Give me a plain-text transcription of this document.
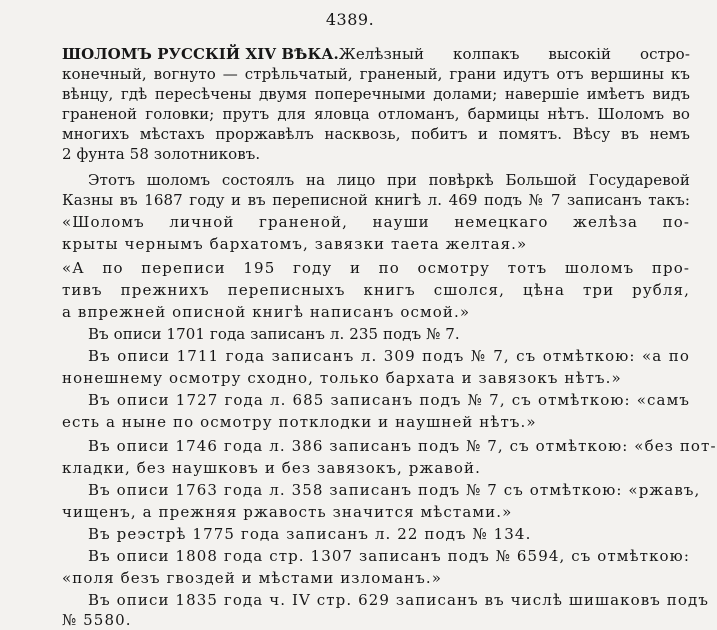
4389.
ШОЛОМЪ РУССКIЙ XIV ВѢКА. Желѣзный колпакъ высокiй остро-
конечный, вогнуто — стрѣльчатый, граненый, грани идутъ отъ вершины къ
вѣнцу, гдѣ пересѣчены двумя поперечными долами; навершiе имѣетъ видъ
граненой головки; прутъ для яловца отломанъ, бармицы нѣтъ. Шоломъ во
многихъ мѣстахъ проржавѣлъ насквозь, побитъ и помятъ. Вѣсу въ немъ
2 фунта 58 золотниковъ.
Этотъ шоломъ состоялъ на лицо при повѣркѣ Большой Государевой
Казны въ 1687 году и въ переписной книгѣ л. 469 подъ № 7 записанъ такъ:
«Шоломъ личной граненой, науши немецкаго желѣза по-
крыты чернымъ бархатомъ, завязки таета желтая.»
«А по переписи 195 году и по осмотру тотъ шоломъ про-
тивъ прежнихъ переписныхъ книгъ сшолся, цѣна три рубля,
а впрежней описной книгѣ написанъ осмой.»
Въ описи 1701 года записанъ л. 235 подъ № 7.
Въ описи 1711 года записанъ л. 309 подъ № 7, съ отмѣткою: «а по
нонешнему осмотру сходно, только бархата и завязокъ нѣтъ.»
Въ описи 1727 года л. 685 записанъ подъ № 7, съ отмѣткою: «самъ
есть а ныне по осмотру потклодки и наушней нѣтъ.»
Въ описи 1746 года л. 386 записанъ подъ № 7, съ отмѣткою: «без пот-
кладки, без наушковъ и без завязокъ, ржавой.
Въ описи 1763 года л. 358 записанъ подъ № 7 съ отмѣткою: «ржавъ,
чищенъ, а прежняя ржавость значится мѣстами.»
Въ реэстрѣ 1775 года записанъ л. 22 подъ № 134.
Въ описи 1808 года стр. 1307 записанъ подъ № 6594, съ отмѣткою:
«поля безъ гвоздей и мѣстами изломанъ.»
Въ описи 1835 года ч. IV стр. 629 записанъ въ числѣ шишаковъ подъ
№ 5580.
